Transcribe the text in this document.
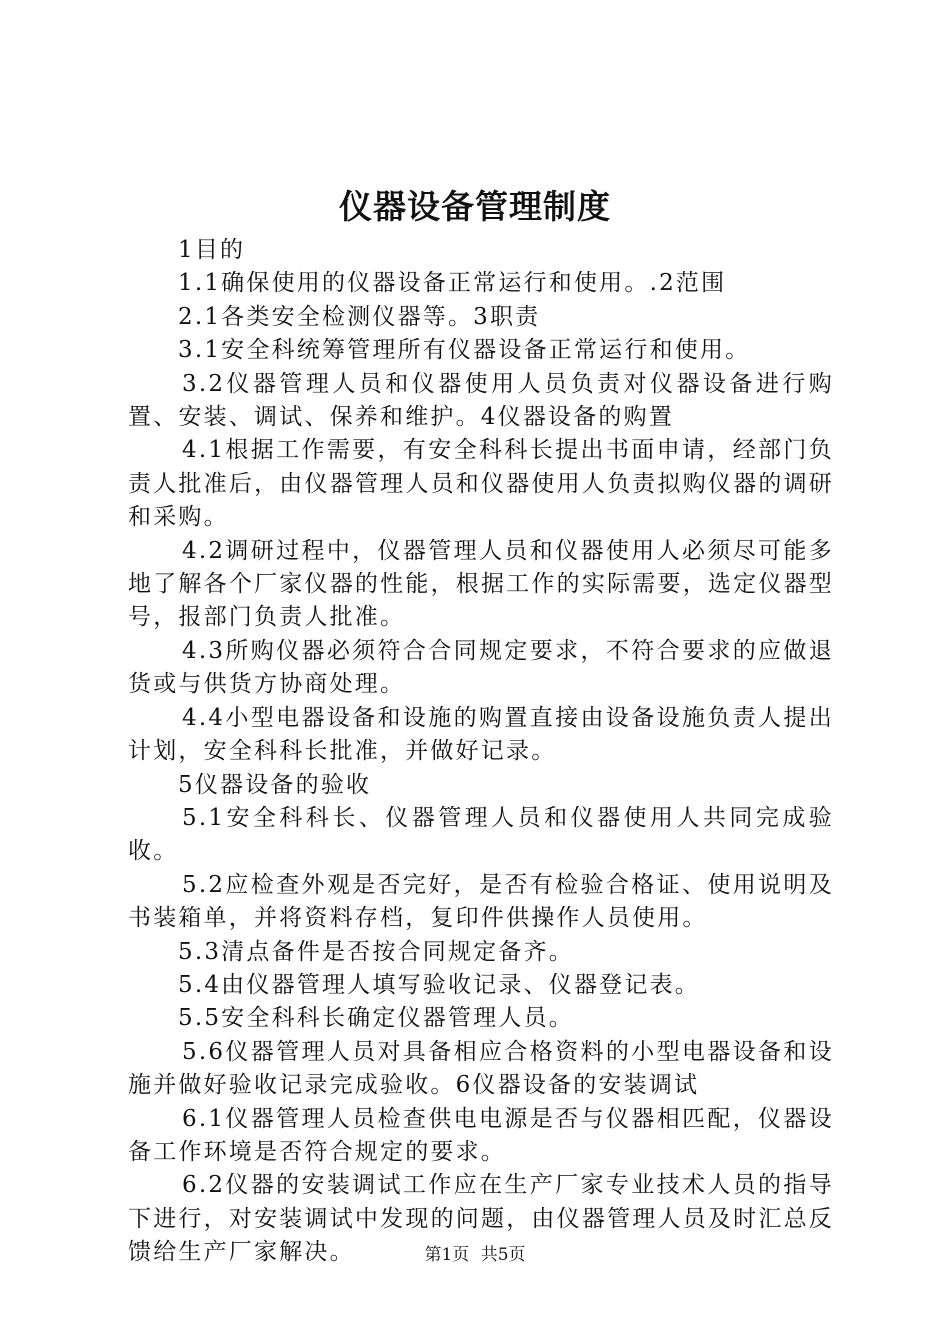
仪器设备管理制度

1目的

1.1确保使用的仪器设备正常运行和使用。.2范围

2.1各类安全检测仪器等。3职责

3.1安全科统筹管理所有仪器设备正常运行和使用。

3.2仪器管理人员和仪器使用人员负责对仪器设备进行购置、安装、调试、保养和维护。4仪器设备的购置

4.1根据工作需要，有安全科科长提出书面申请，经部门负责人批准后，由仪器管理人员和仪器使用人负责拟购仪器的调研和采购。

4.2调研过程中，仪器管理人员和仪器使用人必须尽可能多地了解各个厂家仪器的性能，根据工作的实际需要，选定仪器型号，报部门负责人批准。

4.3所购仪器必须符合合同规定要求，不符合要求的应做退货或与供货方协商处理。

4.4小型电器设备和设施的购置直接由设备设施负责人提出计划，安全科科长批准，并做好记录。

5仪器设备的验收

5.1安全科科长、仪器管理人员和仪器使用人共同完成验收。

5.2应检查外观是否完好，是否有检验合格证、使用说明及书装箱单，并将资料存档，复印件供操作人员使用。

5.3清点备件是否按合同规定备齐。

5.4由仪器管理人填写验收记录、仪器登记表。

5.5安全科科长确定仪器管理人员。

5.6仪器管理人员对具备相应合格资料的小型电器设备和设施并做好验收记录完成验收。6仪器设备的安装调试

6.1仪器管理人员检查供电电源是否与仪器相匹配，仪器设备工作环境是否符合规定的要求。

6.2仪器的安装调试工作应在生产厂家专业技术人员的指导下进行，对安装调试中发现的问题，由仪器管理人员及时汇总反馈给生产厂家解决。	第1页 共5页
